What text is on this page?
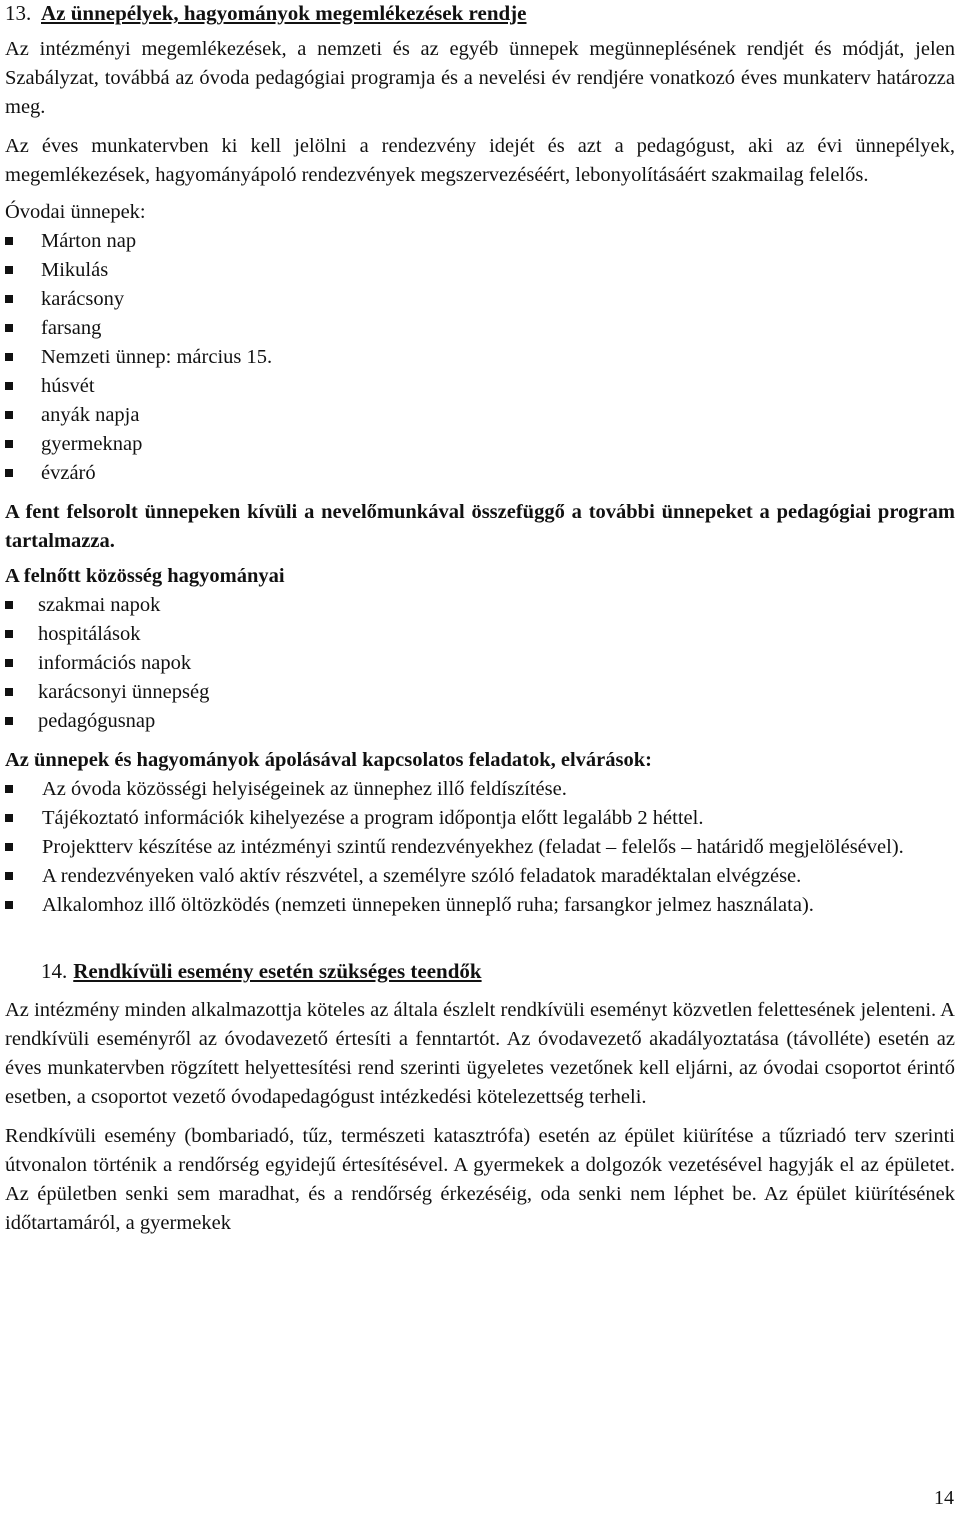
13. Az ünnepélyek, hagyományok megemlékezések rendje

Az intézményi megemlékezések, a nemzeti és az egyéb ünnepek megünneplésének rendjét és módját, jelen Szabályzat, továbbá az óvoda pedagógiai programja és a nevelési év rendjére vonatkozó éves munkaterv határozza meg.

Az éves munkatervben ki kell jelölni a rendezvény idejét és azt a pedagógust, aki az évi ünnepélyek, megemlékezések, hagyományápoló rendezvények megszervezéséért, lebonyolításáért szakmailag felelős.

Óvodai ünnepek:

Márton nap
Mikulás
karácsony
farsang
Nemzeti ünnep: március 15.
húsvét
anyák napja
gyermeknap
évzáró

A fent felsorolt ünnepeken kívüli a nevelőmunkával összefüggő a további ünnepeket a pedagógiai program tartalmazza.

A felnőtt közösség hagyományai

szakmai napok
hospitálások
információs napok
karácsonyi ünnepség
pedagógusnap

Az ünnepek és hagyományok ápolásával kapcsolatos feladatok, elvárások:

Az óvoda közösségi helyiségeinek az ünnephez illő feldíszítése.
Tájékoztató információk kihelyezése a program időpontja előtt legalább 2 héttel.
Projektterv készítése az intézményi szintű rendezvényekhez (feladat – felelős – határidő megjelölésével).
A rendezvényeken való aktív részvétel, a személyre szóló feladatok maradéktalan elvégzése.
Alkalomhoz illő öltözködés (nemzeti ünnepeken ünneplő ruha; farsangkor jelmez használata).
14. Rendkívüli esemény esetén szükséges teendők

Az intézmény minden alkalmazottja köteles az általa észlelt rendkívüli eseményt közvetlen felettesének jelenteni. A rendkívüli eseményről az óvodavezető értesíti a fenntartót. Az óvodavezető akadályoztatása (távolléte) esetén az éves munkatervben rögzített helyettesítési rend szerinti ügyeletes vezetőnek kell eljárni, az óvodai csoportot érintő esetben, a csoportot vezető óvodapedagógust intézkedési kötelezettség terheli.

Rendkívüli esemény (bombariadó, tűz, természeti katasztrófa) esetén az épület kiürítése a tűzriadó terv szerinti útvonalon történik a rendőrség egyidejű értesítésével. A gyermekek a dolgozók vezetésével hagyják el az épületet. Az épületben senki sem maradhat, és a rendőrség érkezéséig, oda senki nem léphet be. Az épület kiürítésének időtartamáról, a gyermekek

14
